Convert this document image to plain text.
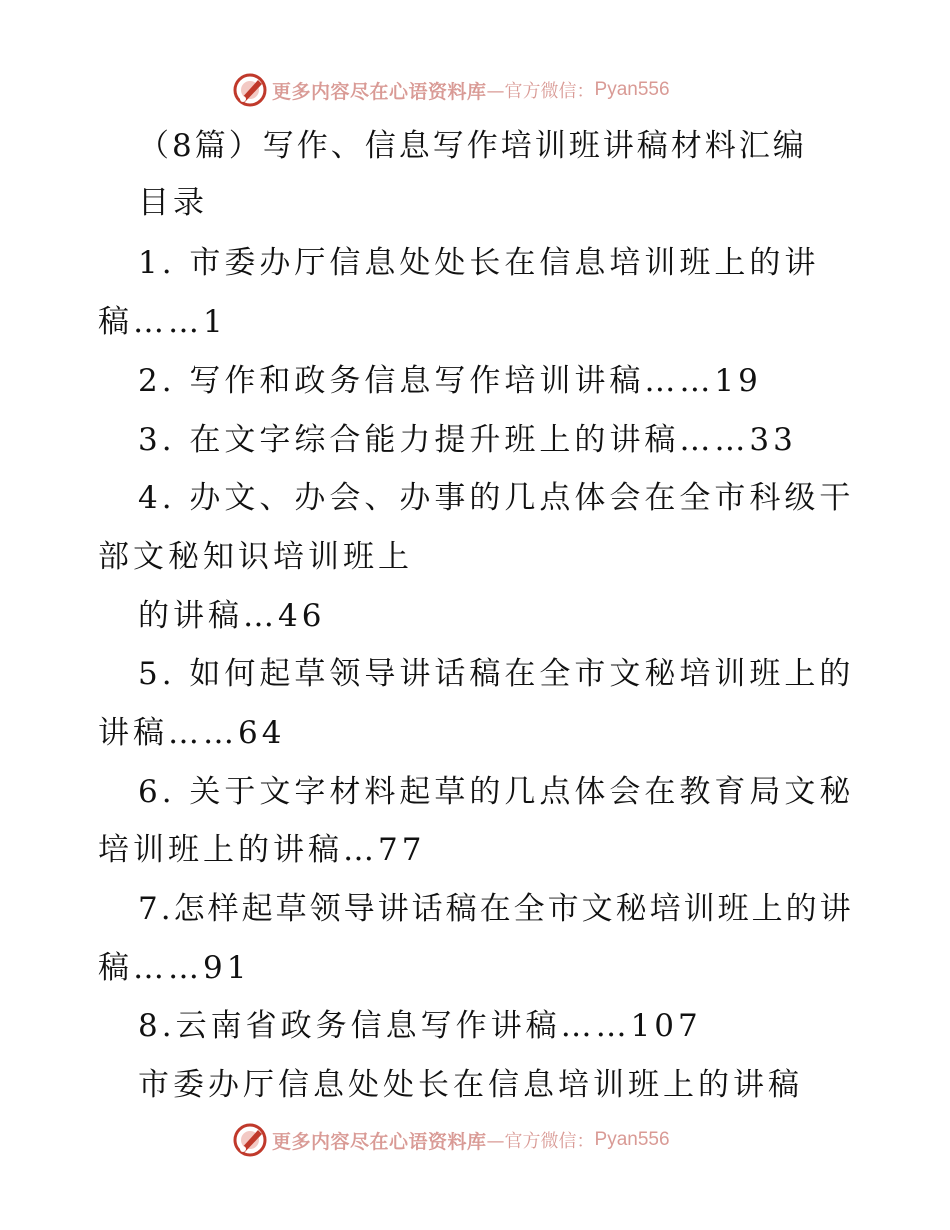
更多内容尽在心语资料库 —官方微信： Pyan556
（8篇）写作、信息写作培训班讲稿材料汇编
目录
1. 市委办厅信息处处长在信息培训班上的讲
稿……1
2. 写作和政务信息写作培训讲稿……19
3. 在文字综合能力提升班上的讲稿……33
4. 办文、办会、办事的几点体会在全市科级干
部文秘知识培训班上
的讲稿…46
5. 如何起草领导讲话稿在全市文秘培训班上的
讲稿……64
6. 关于文字材料起草的几点体会在教育局文秘
培训班上的讲稿…77
7.怎样起草领导讲话稿在全市文秘培训班上的讲
稿……91
8.云南省政务信息写作讲稿……107
市委办厅信息处处长在信息培训班上的讲稿
更多内容尽在心语资料库 —官方微信： Pyan556
